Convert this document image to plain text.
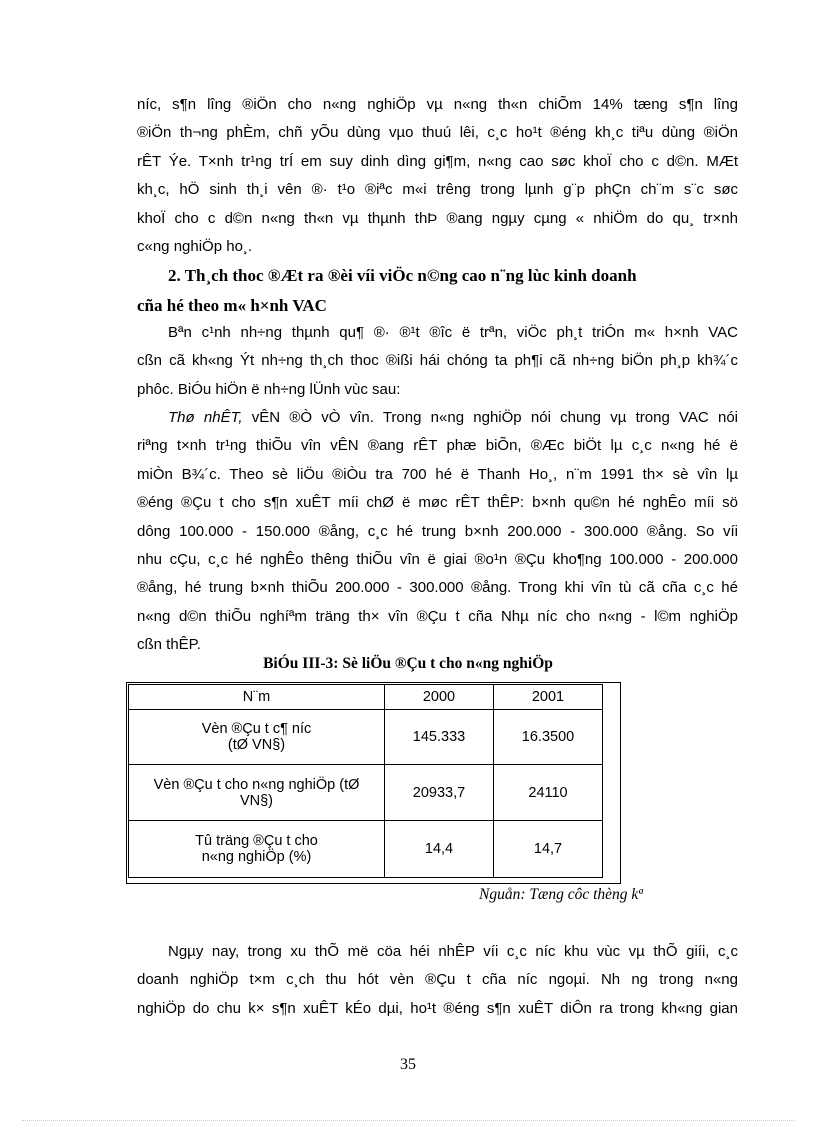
níc, s¶n lîng ®iÖn cho n«ng nghiÖp vµ n«ng th«n chiÕm 14% tæng s¶n lîng
®iÖn th¬ng phÈm, chñ yÕu dùng vµo thuú lêi, c¸c ho¹t ®éng kh¸c tiªu dùng ®iÖn
rÊT Ýe. T×nh tr¹ng trÍ em suy dinh dìng gi¶m, n«ng cao søc khoÏ cho c d©n. MÆt
kh¸c, hÖ sinh th¸i vên ®· t¹o ®iªc m«i trêng trong lµnh g¨p phÇn ch¨m s¨c søc
khoÏ cho c d©n n«ng th«n vµ thµnh thÞ ®ang ngµy cµng « nhiÖm do qu¸ tr×nh
c«ng nghiÖp ho¸.

2. Th¸ch thoc ®Æt ra ®èi víi viÖc n©ng cao n¨ng lùc kinh doanh
cña hé theo m« h×nh VAC

Bªn c¹nh nh÷ng thµnh qu¶ ®· ®¹t ®îc ë trªn, viÖc ph¸t triÓn m« h×nh VAC
cßn cã kh«ng Ýt nh÷ng th¸ch thoc ®ißi hái chóng ta ph¶i cã nh÷ng biÖn ph¸p kh¾´c
phôc. BiÓu hiÖn ë nh÷ng lÜnh vùc sau:

Thø nhÊT, vÊN ®Ò vÒ vîn. Trong n«ng nghiÖp nói chung vµ trong VAC nói
riªng t×nh tr¹ng thiÕu vîn vÊN ®ang rÊT phæ biÕn, ®Æc biÖt lµ c¸c n«ng hé ë
miÒn B¾´c. Theo sè liÖu ®iÒu tra 700 hé ë Thanh Ho¸, n¨m 1991 th× sè vîn lµ
®éng ®Çu t cho s¶n xuÊT míi chØ ë møc rÊT thÊP: b×nh qu©n hé nghÊo míi sö
dông 100.000 - 150.000 ®ång, c¸c hé trung b×nh 200.000 - 300.000 ®ång. So víi
nhu cÇu, c¸c hé nghÊo thêng thiÕu vîn ë giai ®o¹n ®Çu kho¶ng 100.000 - 200.000
®ång, hé trung b×nh thiÕu 200.000 - 300.000 ®ång. Trong khi vîn tù cã cña c¸c hé
n«ng d©n thiÕu nghíªm träng th× vîn ®Çu t cña Nhµ níc cho n«ng - l©m nghiÖp
cßn thÊP.

BiÓu III-3: Sè liÖu ®Çu t cho n«ng nghiÖp
N¨m	2000	2001

Vèn ®Çu t c¶ níc
(tØ VN§)	145.333	16.3500

Vèn ®Çu t cho n«ng nghiÖp (tØ
VN§)	20933,7	24110

Tû träng ®Çu t cho
n«ng nghiÖp (%)	14,4	14,7
Nguån: Tæng côc thèng kª

Ngµy nay, trong xu thÕ më cöa héi nhÊP víi c¸c níc khu vùc vµ thÕ giíi, c¸c
doanh nghiÖp t×m c¸ch thu hót vèn ®Çu t cña níc ngoµi. Nh ng trong n«ng
nghiÖp do chu k× s¶n xuÊT kÉo dµi, ho¹t ®éng s¶n xuÊT diÔn ra trong kh«ng gian

35
